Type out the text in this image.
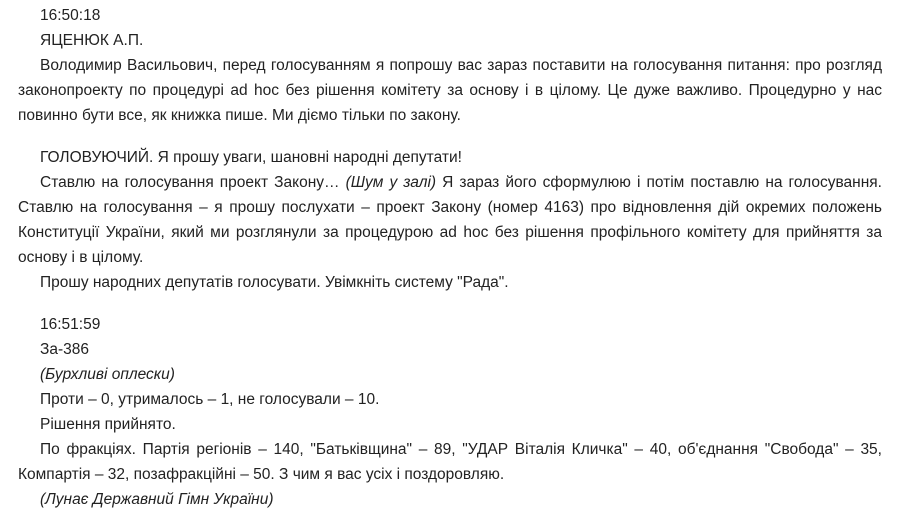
16:50:18

ЯЦЕНЮК А.П.

Володимир Васильович, перед голосуванням я попрошу вас зараз поставити на голосування питання: про розгляд законопроекту по процедурі ad hoc без рішення комітету за основу і в цілому. Це дуже важливо. Процедурно у нас повинно бути все, як книжка пише. Ми діємо тільки по закону.

ГОЛОВУЮЧИЙ. Я прошу уваги, шановні народні депутати!

Ставлю на голосування проект Закону… (Шум у залі) Я зараз його сформулюю і потім поставлю на голосування. Ставлю на голосування – я прошу послухати – проект Закону (номер 4163) про відновлення дій окремих положень Конституції України, який ми розглянули за процедурою ad hoc без рішення профільного комітету для прийняття за основу і в цілому.

Прошу народних депутатів голосувати. Увімкніть систему "Рада".

16:51:59

За-386

(Бурхливі оплески)

Проти – 0, утрималось – 1, не голосували – 10.

Рішення прийнято.

По фракціях. Партія регіонів – 140, "Батьківщина" – 89, "УДАР Віталія Кличка" – 40, об'єднання "Свобода" – 35, Компартія – 32, позафракційні – 50. З чим я вас усіх і поздоровляю.

(Лунає Державний Гімн України)
